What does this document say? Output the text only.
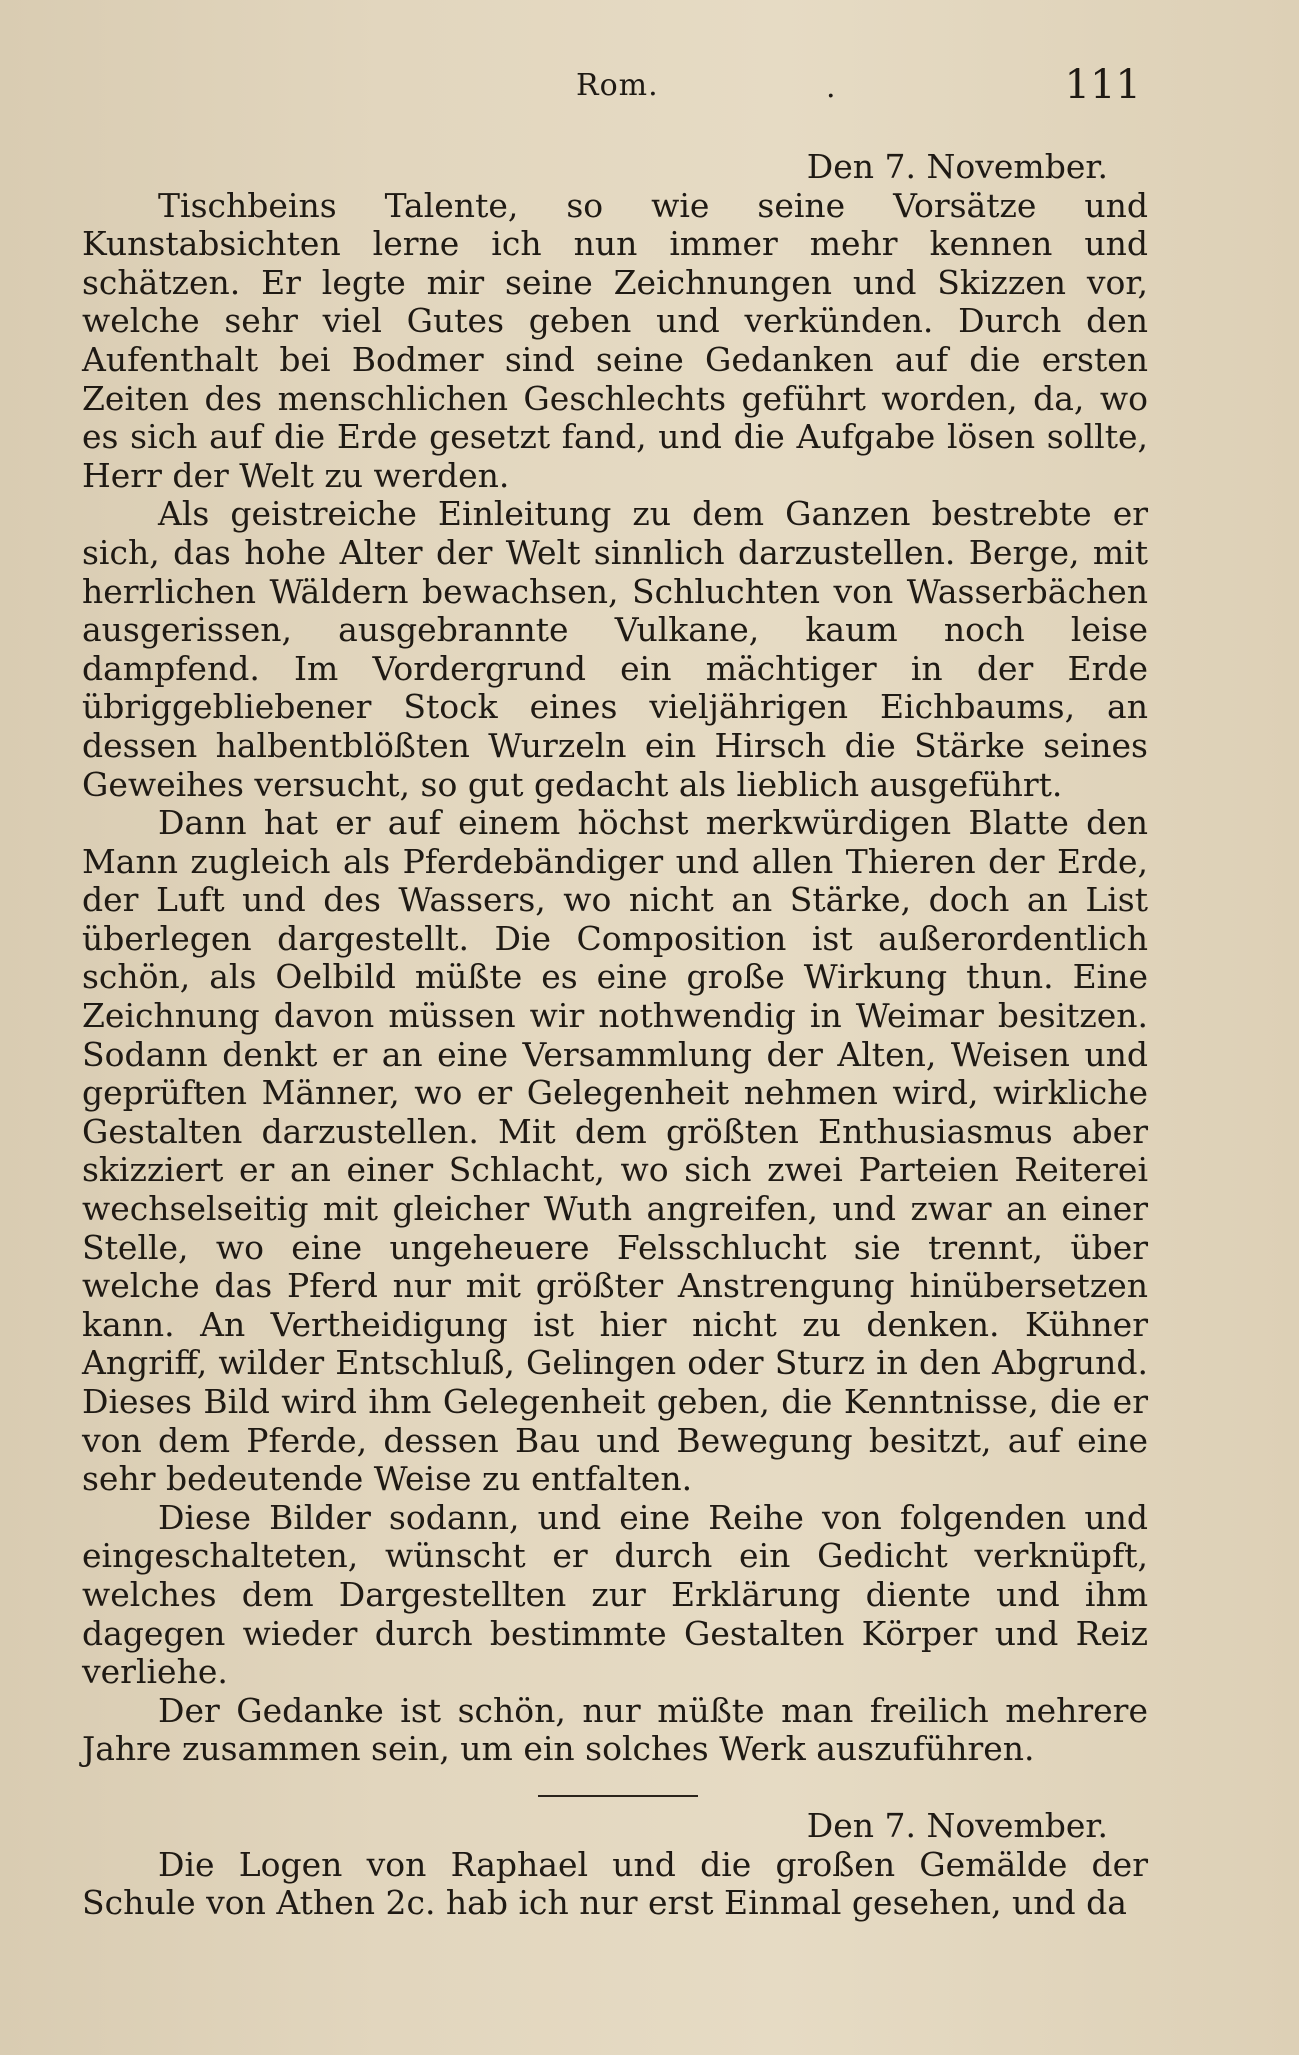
Rom.	.	111
Den 7. November.

Tischbeins Talente, so wie seine Vorsätze und Kunstabsichten lerne ich nun immer mehr kennen und schätzen. Er legte mir seine Zeichnungen und Skizzen vor, welche sehr viel Gutes geben und verkünden. Durch den Aufenthalt bei Bodmer sind seine Gedanken auf die ersten Zeiten des menschlichen Geschlechts geführt worden, da, wo es sich auf die Erde gesetzt fand, und die Aufgabe lösen sollte, Herr der Welt zu werden.

Als geistreiche Einleitung zu dem Ganzen bestrebte er sich, das hohe Alter der Welt sinnlich darzustellen. Berge, mit herrlichen Wäldern bewachsen, Schluchten von Wasserbächen ausgerissen, ausgebrannte Vulkane, kaum noch leise dampfend. Im Vordergrund ein mächtiger in der Erde übriggebliebener Stock eines vieljährigen Eichbaums, an dessen halbentblößten Wurzeln ein Hirsch die Stärke seines Geweihes versucht, so gut gedacht als lieblich ausgeführt.

Dann hat er auf einem höchst merkwürdigen Blatte den Mann zugleich als Pferdebändiger und allen Thieren der Erde, der Luft und des Wassers, wo nicht an Stärke, doch an List überlegen dargestellt. Die Composition ist außerordentlich schön, als Oelbild müßte es eine große Wirkung thun. Eine Zeichnung davon müssen wir nothwendig in Weimar besitzen. Sodann denkt er an eine Versammlung der Alten, Weisen und geprüften Männer, wo er Gelegenheit nehmen wird, wirkliche Gestalten darzustellen. Mit dem größten Enthusiasmus aber skizziert er an einer Schlacht, wo sich zwei Parteien Reiterei wechselseitig mit gleicher Wuth angreifen, und zwar an einer Stelle, wo eine ungeheuere Felsschlucht sie trennt, über welche das Pferd nur mit größter Anstrengung hinübersetzen kann. An Vertheidigung ist hier nicht zu denken. Kühner Angriff, wilder Entschluß, Gelingen oder Sturz in den Abgrund. Dieses Bild wird ihm Gelegenheit geben, die Kenntnisse, die er von dem Pferde, dessen Bau und Bewegung besitzt, auf eine sehr bedeutende Weise zu entfalten.

Diese Bilder sodann, und eine Reihe von folgenden und eingeschalteten, wünscht er durch ein Gedicht verknüpft, welches dem Dargestellten zur Erklärung diente und ihm dagegen wieder durch bestimmte Gestalten Körper und Reiz verliehe.

Der Gedanke ist schön, nur müßte man freilich mehrere Jahre zusammen sein, um ein solches Werk auszuführen.

Den 7. November.

Die Logen von Raphael und die großen Gemälde der Schule von Athen 2c. hab ich nur erst Einmal gesehen, und da
